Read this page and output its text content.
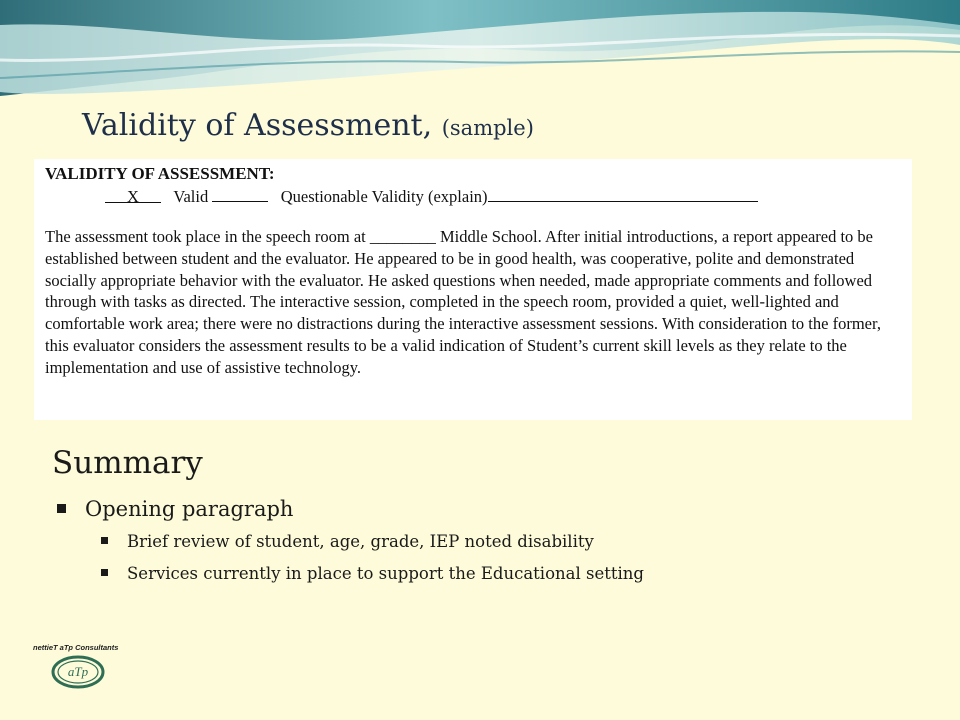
Validity of Assessment, (sample)
VALIDITY OF ASSESSMENT:
X Valid	Questionable Validity (explain)
The assessment took place in the speech room at ________ Middle School. After initial introductions, a report appeared to be established between student and the evaluator. He appeared to be in good health, was cooperative, polite and demonstrated socially appropriate behavior with the evaluator. He asked questions when needed, made appropriate comments and followed through with tasks as directed. The interactive session, completed in the speech room, provided a quiet, well-lighted and comfortable work area; there were no distractions during the interactive assessment sessions. With consideration to the former, this evaluator considers the assessment results to be a valid indication of Student’s current skill levels as they relate to the implementation and use of assistive technology.
Summary
Opening paragraph
Brief review of student, age, grade, IEP noted disability
Services currently in place to support the Educational setting
nettieT aTp Consultants
aTp
